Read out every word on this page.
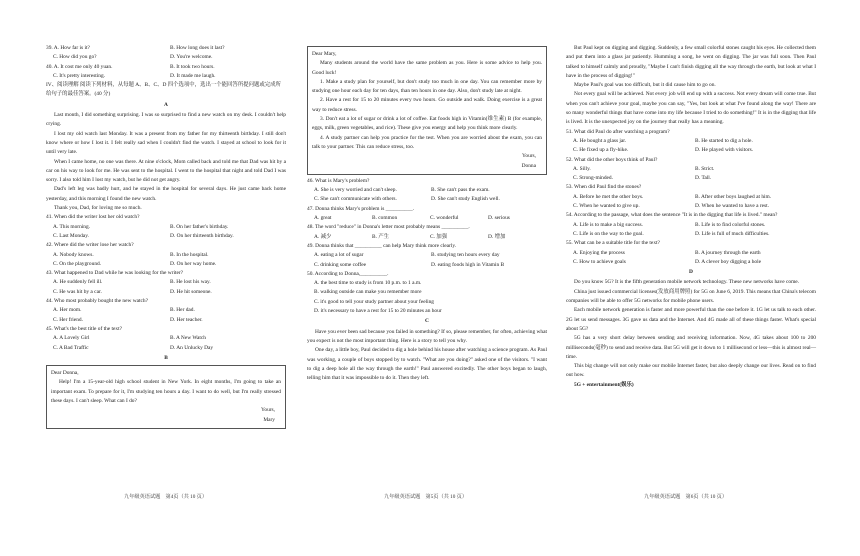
39. A. How far is it?	B. How long does it last?
C. How did you go?	D. You're welcome.
40. A. It cost me only 40 yuan.	B. It took two hours.
C. It's pretty interesting.	D. It made me laugh.

IV、阅读理解 阅读下列材料，从每题 A、B、C、D 四个选项中，选出一个能回答所提问题或完成所给句子的最佳答案。(40 分)

A

Last month, I did something surprising. I was so surprised to find a new watch on my desk. I couldn't help crying.

I lost my old watch last Monday. It was a present from my father for my thirteenth birthday. I still don't know where or how I lost it. I felt really sad when I couldn't find the watch. I stayed at school to look for it until very late.

When I came home, no one was there. At nine o'clock, Mom called back and told me that Dad was hit by a car on his way to look for me. He was sent to the hospital. I went to the hospital that night and told Dad I was sorry. I also told him I lost my watch, but he did not get angry.

Dad's left leg was badly hurt, and he stayed in the hospital for several days. He just came back home yesterday, and this morning I found the new watch.

Thank you, Dad, for loving me so much.

41. When did the writer lost her old watch?

A. This morning.	B. On her father's birthday.
C. Last Monday.	D. On her thirteenth birthday.

42. Where did the writer lose her watch?

A. Nobody knows.	B. In the hospital.
C. On the playground.	D. On her way home.

43. What happened to Dad while he was looking for the writer?

A. He suddenly fell ill.	B. He lost his way.
C. He was hit by a car.	D. He hit someone.

44. Who most probably bought the new watch?

A. Her mom.	B. Her dad.
C. Her friend.	D. Her teacher.

45. What's the best title of the text?

A. A Lovely Girl	B. A New Watch
C. A Bad Traffic	D. An Unlucky Day
B

Dear Donna,

Help! I'm a 15-year-old high school student in New York. In eight months, I'm going to take an important exam. To prepare for it, I'm studying ten hours a day. I want to do well, but I'm really stressed these days. I can't sleep. What can I do?

Yours,

Mary

九年级英语试题　第4页（共 10 页）

Dear Mary,

Many students around the world have the same problem as you. Here is some advice to help you. Good luck!

1. Make a study plan for yourself, but don't study too much in one day. You can remember more by studying one hour each day for ten days, than ten hours in one day. Also, don't study late at night.

2. Have a rest for 15 to 20 minutes every two hours. Go outside and walk. Doing exercise is a great way to reduce stress.

3. Don't eat a lot of sugar or drink a lot of coffee. Eat foods high in Vitamin(维生素) B (for example, eggs, milk, green vegetables, and rice). These give you energy and help you think more clearly.

4. A study partner can help you practice for the test. When you are worried about the exam, you can talk to your partner. This can reduce stress, too.

Yours,

Donna

46. What is Mary's problem?

A. She is very worried and can't sleep.	B. She can't pass the exam.
C. She can't communicate with others.	D. She can't study English well.

47. Donna thinks Mary's problem is __________.

A. great	B. common	C. wonderful	D. serious

48. The word "reduce" in Donna's letter most probably means __________.

A. 减少	B. 产生	C. 加强	D. 增加

49. Donna thinks that __________ can help Mary think more clearly.

A. eating a lot of sugar	B. studying ten hours every day
C. drinking some coffee	D. eating foods high in Vitamin B

50. According to Donna,__________.

A. the best time to study is from 10 p.m. to 1 a.m.

B. walking outside can make you remember more

C. it's good to tell your study partner about your feeling

D. it's necessary to have a rest for 15 to 20 minutes an hour

C

Have you ever been sad because you failed in something? If so, please remember, for often, achieving what you expect is not the most important thing. Here is a story to tell you why.

One day, a little boy, Paul decided to dig a hole behind his house after watching a science program. As Paul was working, a couple of boys stopped by to watch. "What are you doing?" asked one of the visitors. "I want to dig a deep hole all the way through the earth!" Paul answered excitedly. The other boys began to laugh, telling him that it was impossible to do it. Then they left.

九年级英语试题　第5页（共 10 页）

But Paul kept on digging and digging. Suddenly, a few small colorful stones caught his eyes. He collected them and put them into a glass jar patiently. Humming a song, he went on digging. The jar was full soon. Then Paul talked to himself calmly and proudly, "Maybe I can't finish digging all the way through the earth, but look at what I have in the process of digging!"

Maybe Paul's goal was too difficult, but it did cause him to go on.

Not every goal will be achieved. Not every job will end up with a success. Not every dream will come true. But when you can't achieve your goal, maybe you can say, "Yes, but look at what I've found along the way! There are so many wonderful things that have come into my life because I tried to do something!" It is in the digging that life is lived. It is the unexpected joy on the journey that really has a meaning.

51. What did Paul do after watching a program?

A. He bought a glass jar.	B. He started to dig a hole.
C. He fixed up a fly-hike.	D. He played with visitors.

52. What did the other boys think of Paul?

A. Silly.	B. Strict.
C. Strong-minded.	D. Tall.

53. When did Paul find the stones?

A. Before he met the other boys.	B. After other boys laughed at him.
C. When he wanted to give up.	D. When he wanted to have a rest.

54. According to the passage, what does the sentence "It is in the digging that life is lived." mean?

A. Life is to make a big success.	B. Life is to find colorful stones.
C. Life is on the way to the goal.	D. Life is full of much difficulties.

55. What can be a suitable title for the text?

A. Enjoying the process	B. A journey through the earth
C. How to achieve goals	D. A clever boy digging a hole
D

Do you know 5G? It is the fifth generation mobile network technology. These new networks have come.

China just issued commercial licenses(发放商用牌照) for 5G on June 6, 2019. This means that China's telecom companies will be able to offer 5G networks for mobile phone users.

Each mobile network generation is faster and more powerful than the one before it. 1G let us talk to each other. 2G let us send messages. 3G gave us data and the Internet. And 4G made all of these things faster. What's special about 5G?

5G has a very short delay between sending and receiving information. Now, 4G takes about 100 to 200 milliseconds(毫秒) to send and receive data. But 5G will get it down to 1 millisecond or less—this is almost real—time.

This big change will not only make our mobile Internet faster, but also deeply change our lives. Read on to find out how.

5G + entertainment(娱乐)

九年级英语试题　第6页（共 10 页）
